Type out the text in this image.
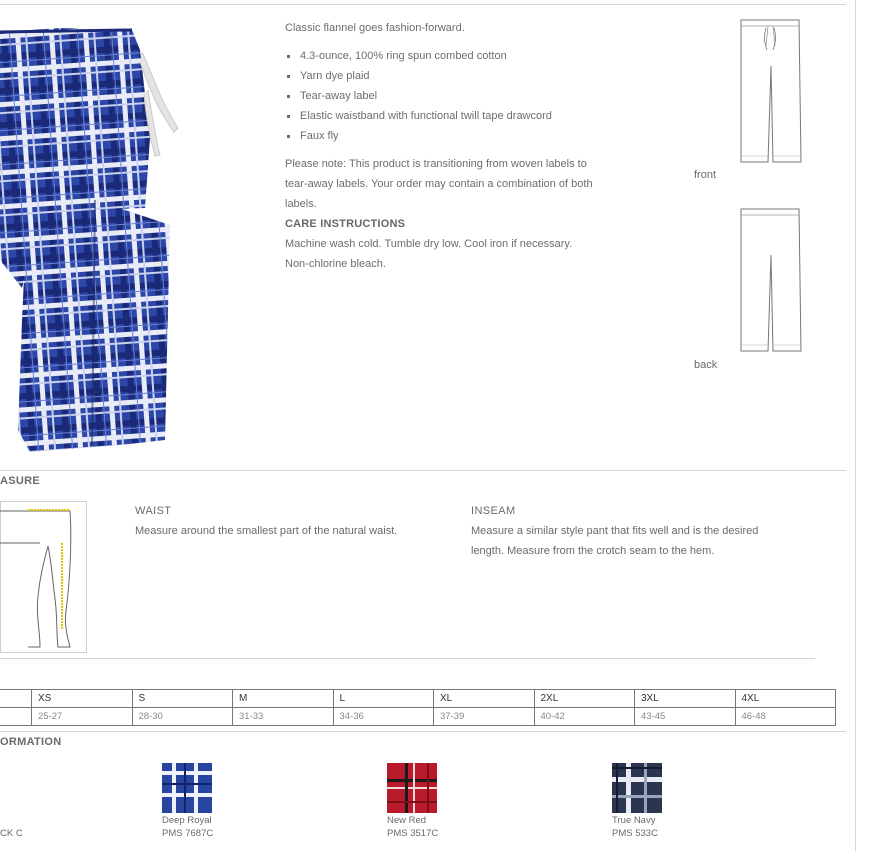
Classic flannel goes fashion-forward.

4.3-ounce, 100% ring spun combed cotton
Yarn dye plaid
Tear-away label
Elastic waistband with functional twill tape drawcord
Faux fly

Please note: This product is transitioning from woven labels to tear-away labels. Your order may contain a combination of both labels.

CARE INSTRUCTIONS

Machine wash cold. Tumble dry low. Cool iron if necessary. Non-chlorine bleach.

front
back
ASURE
WAIST
Measure around the smallest part of the natural waist.
INSEAM
Measure a similar style pant that fits well and is the desired length. Measure from the crotch seam to the hem.
	XS	S	M	L	XL	2XL	3XL	4XL
	25-27	28-30	31-33	34-36	37-39	40-42	43-45	46-48
ORMATION
CK C
Deep Royal
PMS 7687C
New Red
PMS 3517C
True Navy
PMS 533C
